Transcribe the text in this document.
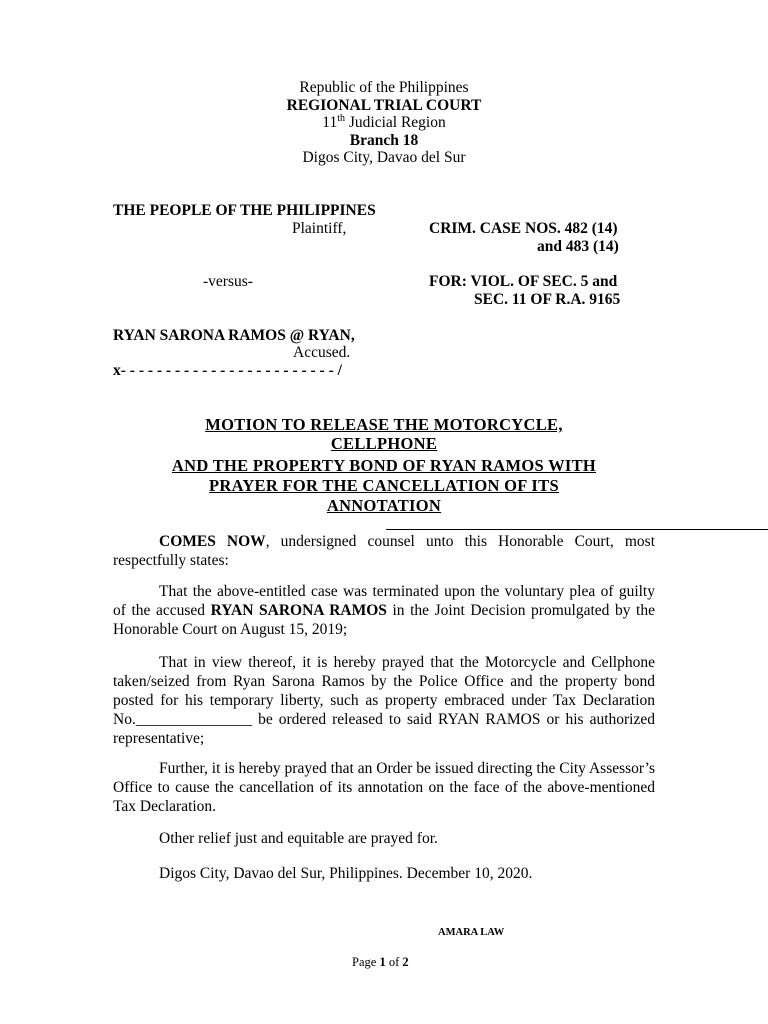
Republic of the Philippines
REGIONAL TRIAL COURT
11th Judicial Region
Branch 18
Digos City, Davao del Sur
THE PEOPLE OF THE PHILIPPINES
Plaintiff,	CRIM. CASE NOS. 482 (14)
and 483 (14)
-versus-	FOR: VIOL. OF SEC. 5 and
SEC. 11 OF R.A. 9165
RYAN SARONA RAMOS @ RYAN,
Accused.
x- - - - - - - - - - - - - - - - - - - - - - - - /
MOTION TO RELEASE THE MOTORCYCLE,
CELLPHONE
AND THE PROPERTY BOND OF RYAN RAMOS WITH
PRAYER FOR THE CANCELLATION OF ITS
ANNOTATION
COMES NOW, undersigned counsel unto this Honorable Court, most respectfully states:
That the above-entitled case was terminated upon the voluntary plea of guilty of the accused RYAN SARONA RAMOS in the Joint Decision promulgated by the Honorable Court on August 15, 2019;
That in view thereof, it is hereby prayed that the Motorcycle and Cellphone taken/seized from Ryan Sarona Ramos by the Police Office and the property bond posted for his temporary liberty, such as property embraced under Tax Declaration No._______________ be ordered released to said RYAN RAMOS or his authorized representative;
Further, it is hereby prayed that an Order be issued directing the City Assessor’s Office to cause the cancellation of its annotation on the face of the above-mentioned Tax Declaration.
Other relief just and equitable are prayed for.
Digos City, Davao del Sur, Philippines. December 10, 2020.
AMARA LAW
Page 1 of 2
